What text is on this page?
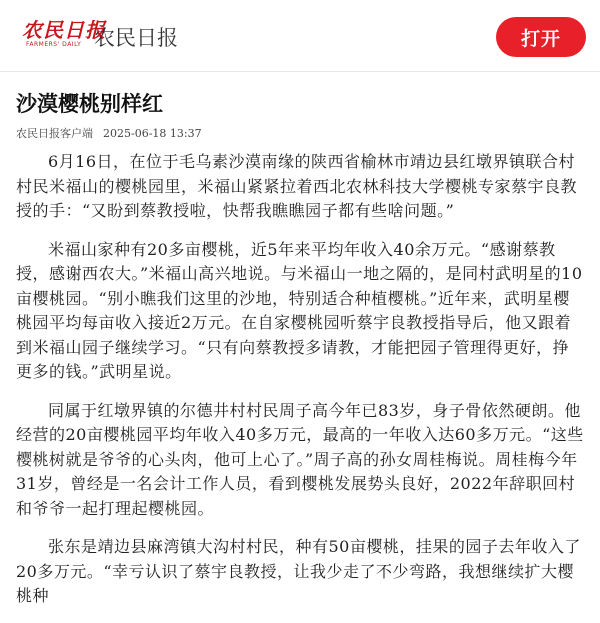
农民日报
FARMERS' DAILY 农民日报	打开
沙漠樱桃别样红
农民日报客户端 2025-06-18 13:37

6月16日，在位于毛乌素沙漠南缘的陕西省榆林市靖边县红墩界镇联合村村民米福山的樱桃园里，米福山紧紧拉着西北农林科技大学樱桃专家蔡宇良教授的手：“又盼到蔡教授啦，快帮我瞧瞧园子都有些啥问题。”

米福山家种有20多亩樱桃，近5年来平均年收入40余万元。“感谢蔡教授，感谢西农大。”米福山高兴地说。与米福山一地之隔的，是同村武明星的10亩樱桃园。“别小瞧我们这里的沙地，特别适合种植樱桃。”近年来，武明星樱桃园平均每亩收入接近2万元。在自家樱桃园听蔡宇良教授指导后，他又跟着到米福山园子继续学习。“只有向蔡教授多请教，才能把园子管理得更好，挣更多的钱。”武明星说。

同属于红墩界镇的尔德井村村民周子高今年已83岁，身子骨依然硬朗。他经营的20亩樱桃园平均年收入40多万元，最高的一年收入达60多万元。“这些樱桃树就是爷爷的心头肉，他可上心了。”周子高的孙女周桂梅说。周桂梅今年31岁，曾经是一名会计工作人员，看到樱桃发展势头良好，2022年辞职回村和爷爷一起打理起樱桃园。

张东是靖边县麻湾镇大沟村村民，种有50亩樱桃，挂果的园子去年收入了20多万元。“幸亏认识了蔡宇良教授，让我少走了不少弯路，我想继续扩大樱桃种
